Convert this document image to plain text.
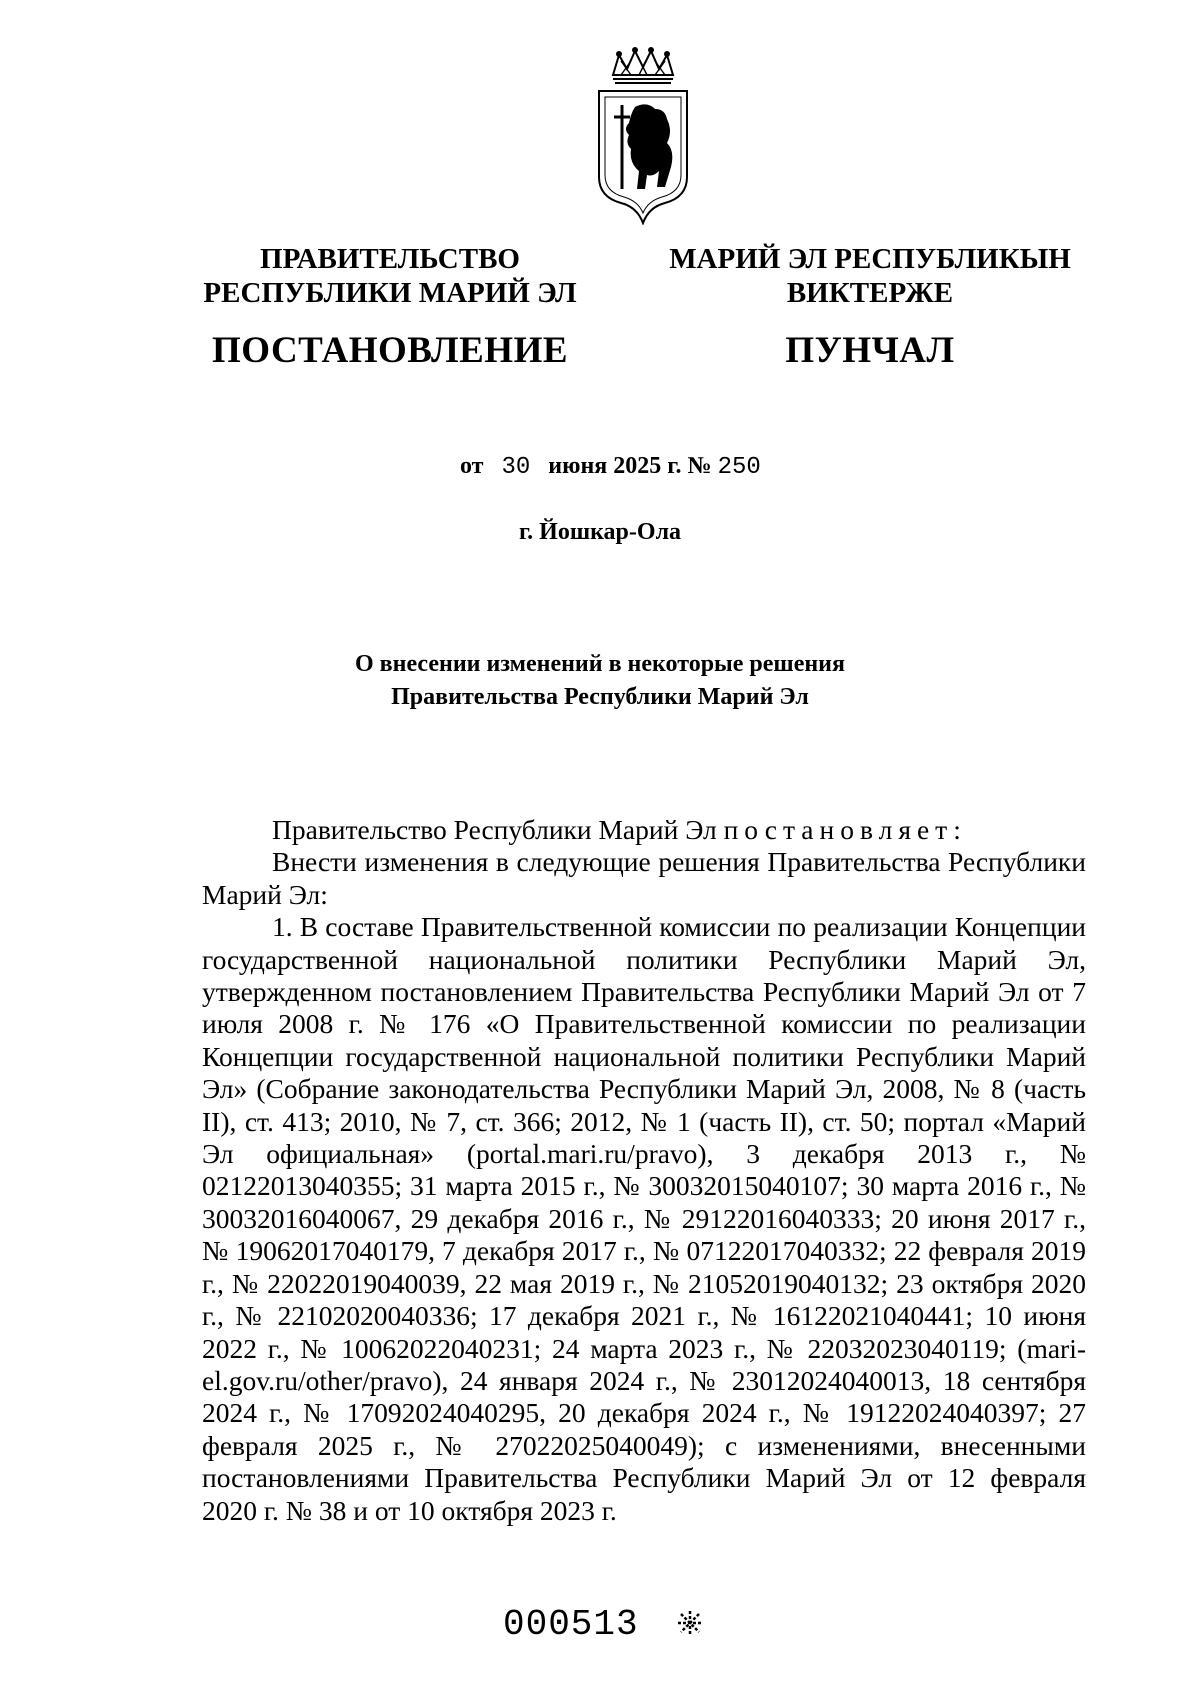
ПРАВИТЕЛЬСТВО
РЕСПУБЛИКИ МАРИЙ ЭЛ
МАРИЙ ЭЛ РЕСПУБЛИКЫН
ВИКТЕРЖЕ
ПОСТАНОВЛЕНИЕ	ПУНЧАЛ
от 30 июня 2025 г. № 250
г. Йошкар-Ола
О внесении изменений в некоторые решения
Правительства Республики Марий Эл

Правительство Республики Марий Эл постановляет:

Внести изменения в следующие решения Правительства Республики Марий Эл:

1. В составе Правительственной комиссии по реализации Концепции государственной национальной политики Республики Марий Эл, утвержденном постановлением Правительства Республики Марий Эл от 7 июля 2008 г. № 176 «О Правительственной комиссии по реализации Концепции государственной национальной политики Республики Марий Эл» (Собрание законодательства Республики Марий Эл, 2008, № 8 (часть II), ст. 413; 2010, № 7, ст. 366; 2012, № 1 (часть II), ст. 50; портал «Марий Эл официальная» (portal.mari.ru/pravo), 3 декабря 2013 г., № 02122013040355; 31 марта 2015 г., № 30032015040107; 30 марта 2016 г., № 30032016040067, 29 декабря 2016 г., № 29122016040333; 20 июня 2017 г., № 19062017040179, 7 декабря 2017 г., № 07122017040332; 22 февраля 2019 г., № 22022019040039, 22 мая 2019 г., № 21052019040132; 23 октября 2020 г., № 22102020040336; 17 декабря 2021 г., № 16122021040441; 10 июня 2022 г., № 10062022040231; 24 марта 2023 г., № 22032023040119; (mari-el.gov.ru/other/pravo), 24 января 2024 г., № 23012024040013, 18 сентября 2024 г., № 17092024040295, 20 декабря 2024 г., № 19122024040397; 27 февраля 2025 г., № 27022025040049); с изменениями, внесенными постановлениями Правительства Республики Марий Эл от 12 февраля 2020 г. № 38 и от 10 октября 2023 г.

000513
